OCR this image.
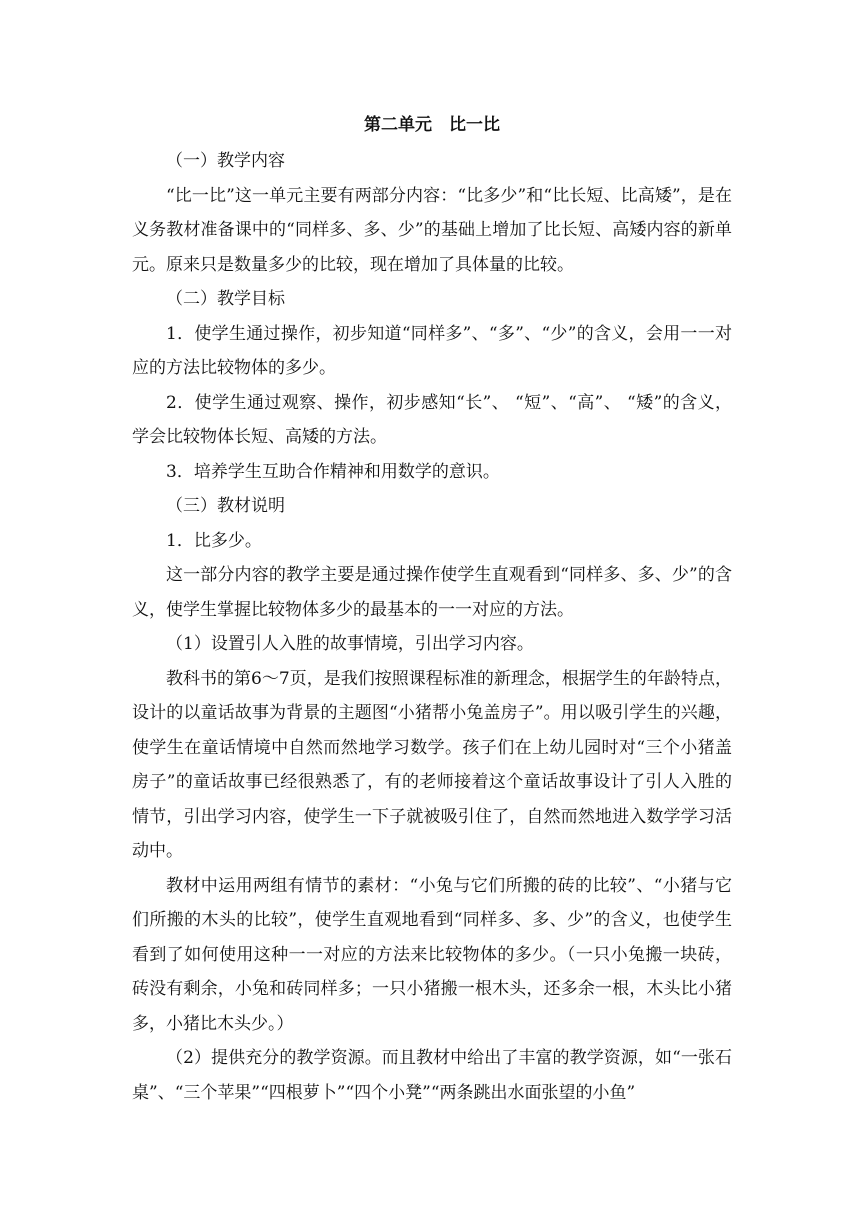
第二单元　比一比

（一）教学内容

“比一比”这一单元主要有两部分内容：“比多少”和“比长短、比高矮”，是在义务教材准备课中的“同样多、多、少”的基础上增加了比长短、高矮内容的新单元。原来只是数量多少的比较，现在增加了具体量的比较。

（二）教学目标

1．使学生通过操作，初步知道“同样多”、“多”、“少”的含义，会用一一对应的方法比较物体的多少。

2．使学生通过观察、操作，初步感知“长”、 “短”、“高”、 “矮”的含义，学会比较物体长短、高矮的方法。

3．培养学生互助合作精神和用数学的意识。

（三）教材说明

1．比多少。

这一部分内容的教学主要是通过操作使学生直观看到“同样多、多、少”的含义，使学生掌握比较物体多少的最基本的一一对应的方法。

（1）设置引人入胜的故事情境，引出学习内容。

教科书的第6～7页，是我们按照课程标准的新理念，根据学生的年龄特点，设计的以童话故事为背景的主题图“小猪帮小兔盖房子”。用以吸引学生的兴趣，使学生在童话情境中自然而然地学习数学。孩子们在上幼儿园时对“三个小猪盖房子”的童话故事已经很熟悉了，有的老师接着这个童话故事设计了引人入胜的情节，引出学习内容，使学生一下子就被吸引住了，自然而然地进入数学学习活动中。

教材中运用两组有情节的素材：“小兔与它们所搬的砖的比较”、“小猪与它们所搬的木头的比较”，使学生直观地看到“同样多、多、少”的含义，也使学生看到了如何使用这种一一对应的方法来比较物体的多少。（一只小兔搬一块砖，砖没有剩余，小兔和砖同样多；一只小猪搬一根木头，还多余一根，木头比小猪多，小猪比木头少。）

（2）提供充分的教学资源。而且教材中给出了丰富的教学资源，如“一张石桌”、“三个苹果”“四根萝卜”“四个小凳”“两条跳出水面张望的小鱼”
